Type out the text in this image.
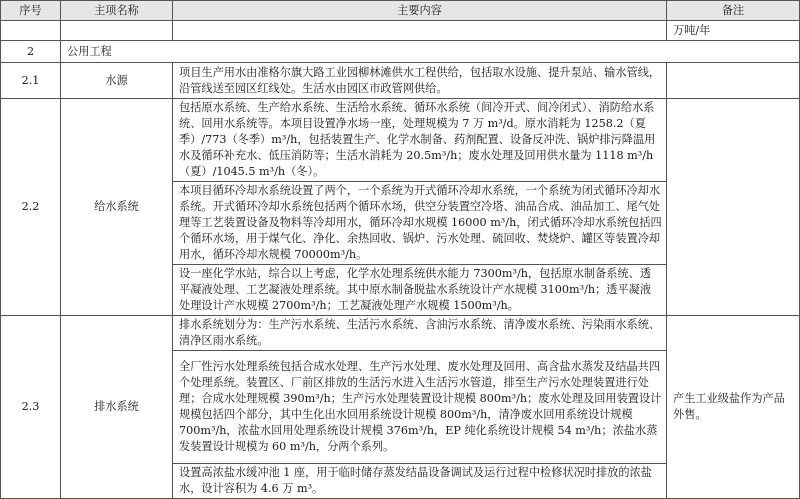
序号	主项名称	主要内容	备注
			万吨/年
2	公用工程		
2.1	水源	项目生产用水由准格尔旗大路工业园柳林滩供水工程供给，包括取水设施、提升泵站、输水管线，沿管线送至园区红线处。生活水由园区市政管网供给。	
2.2	给水系统	包括原水系统、生产给水系统、生活给水系统、循环水系统（间冷开式、间冷闭式）、消防给水系统、回用水系统等。本项目设置净水场一座，处理规模为 7 万 m³/d。原水消耗为 1258.2（夏季）/773（冬季）m³/h，包括装置生产、化学水制备、药剂配置、设备反冲洗、锅炉排污降温用水及循环补充水、低压消防等；生活水消耗为 20.5m³/h；废水处理及回用供水量为 1118 m³/h（夏）/1045.5 m³/h（冬）。	
		本项目循环冷却水系统设置了两个，一个系统为开式循环冷却水系统，一个系统为闭式循环冷却水系统。开式循环冷却水系统包括两个循环水场，供空分装置空冷塔、油品合成、油品加工、尾气处理等工艺装置设备及物料等冷却用水，循环冷却水规模 16000 m³/h，闭式循环冷却水系统包括四个循环水场，用于煤气化、净化、余热回收、锅炉、污水处理、硫回收、焚烧炉、罐区等装置冷却用水，循环冷却水规模 70000m³/h。	
		设一座化学水站，综合以上考虑，化学水处理系统供水能力 7300m³/h，包括原水制备系统、透平凝液处理、工艺凝液处理系统。其中原水制备脱盐水系统设计产水规模 3100m³/h；透平凝液处理设计产水规模 2700m³/h；工艺凝液处理产水规模 1500m³/h。	
2.3	排水系统	排水系统划分为：生产污水系统、生活污水系统、含油污水系统、清净废水系统、污染雨水系统、清净区雨水系统。	产生工业级盐作为产品外售。
		全厂性污水处理系统包括合成水处理、生产污水处理、废水处理及回用、高含盐水蒸发及结晶共四个处理系统。装置区、厂前区排放的生活污水进入生活污水管道，排至生产污水处理装置进行处理；合成水处理规模 390m³/h；生产污水处理装置设计规模 800m³/h；废水处理及回用装置设计规模包括四个部分，其中生化出水回用系统设计规模 800m³/h，清净废水回用系统设计规模 700m³/h，浓盐水回用处理系统设计规模 376m³/h，EP 纯化系统设计规模 54 m³/h；浓盐水蒸发装置设计规模为 60 m³/h，分两个系列。	
		设置高浓盐水缓冲池 1 座，用于临时储存蒸发结晶设备调试及运行过程中检修状况时排放的浓盐水，设计容积为 4.6 万 m³。	
